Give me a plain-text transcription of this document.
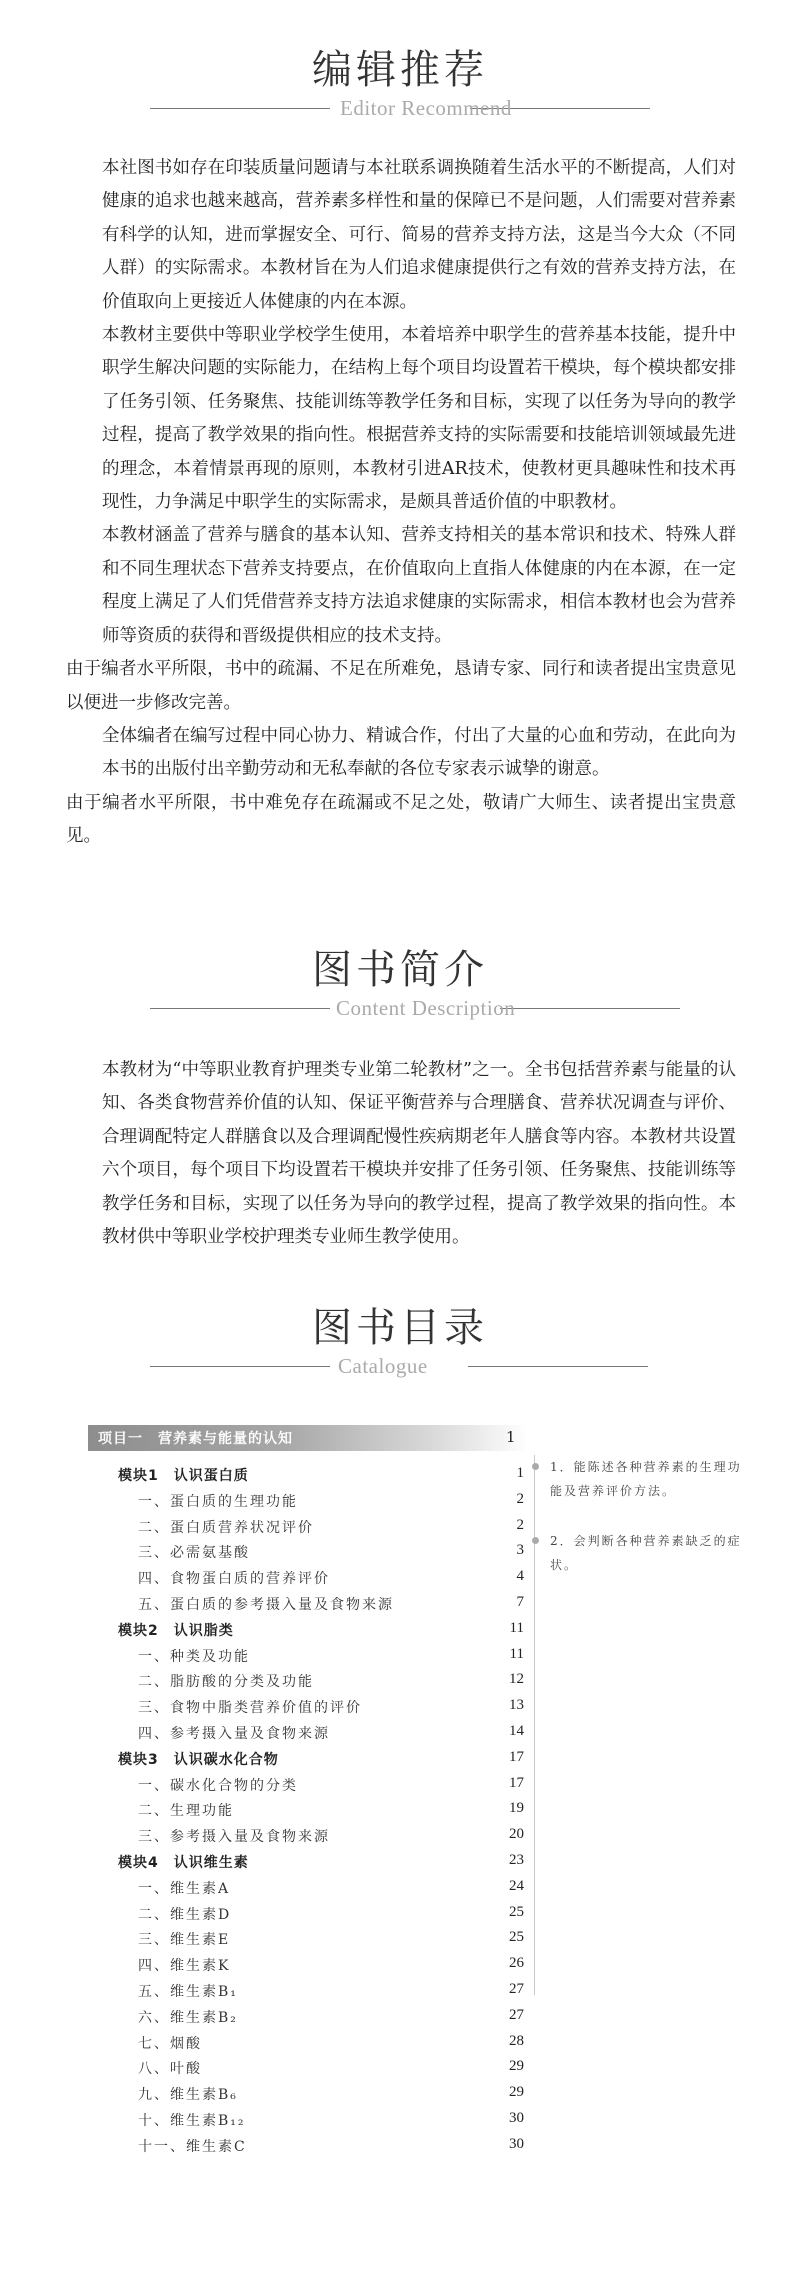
编辑推荐
Editor Recommend
本社图书如存在印装质量问题请与本社联系调换随着生活水平的不断提高，人们对健康的追求也越来越高，营养素多样性和量的保障已不是问题，人们需要对营养素有科学的认知，进而掌握安全、可行、简易的营养支持方法，这是当今大众（不同人群）的实际需求。本教材旨在为人们追求健康提供行之有效的营养支持方法，在价值取向上更接近人体健康的内在本源。
本教材主要供中等职业学校学生使用，本着培养中职学生的营养基本技能，提升中职学生解决问题的实际能力，在结构上每个项目均设置若干模块，每个模块都安排了任务引领、任务聚焦、技能训练等教学任务和目标，实现了以任务为导向的教学过程，提高了教学效果的指向性。根据营养支持的实际需要和技能培训领域最先进的理念，本着情景再现的原则，本教材引进AR技术，使教材更具趣味性和技术再现性，力争满足中职学生的实际需求，是颇具普适价值的中职教材。
本教材涵盖了营养与膳食的基本认知、营养支持相关的基本常识和技术、特殊人群和不同生理状态下营养支持要点，在价值取向上直指人体健康的内在本源，在一定程度上满足了人们凭借营养支持方法追求健康的实际需求，相信本教材也会为营养师等资质的获得和晋级提供相应的技术支持。
由于编者水平所限，书中的疏漏、不足在所难免，恳请专家、同行和读者提出宝贵意见以便进一步修改完善。
全体编者在编写过程中同心协力、精诚合作，付出了大量的心血和劳动，在此向为本书的出版付出辛勤劳动和无私奉献的各位专家表示诚挚的谢意。
由于编者水平所限，书中难免存在疏漏或不足之处，敬请广大师生、读者提出宝贵意见。
图书简介
Content Description
本教材为“中等职业教育护理类专业第二轮教材”之一。全书包括营养素与能量的认知、各类食物营养价值的认知、保证平衡营养与合理膳食、营养状况调查与评价、合理调配特定人群膳食以及合理调配慢性疾病期老年人膳食等内容。本教材共设置六个项目，每个项目下均设置若干模块并安排了任务引领、任务聚焦、技能训练等教学任务和目标，实现了以任务为导向的教学过程，提高了教学效果的指向性。本教材供中等职业学校护理类专业师生教学使用。
图书目录
Catalogue
项目一　营养素与能量的认知	1
模块1　认识蛋白质	1
一、蛋白质的生理功能	2
二、蛋白质营养状况评价	2
三、必需氨基酸	3
四、食物蛋白质的营养评价	4
五、蛋白质的参考摄入量及食物来源	7
模块2　认识脂类	11
一、种类及功能	11
二、脂肪酸的分类及功能	12
三、食物中脂类营养价值的评价	13
四、参考摄入量及食物来源	14
模块3　认识碳水化合物	17
一、碳水化合物的分类	17
二、生理功能	19
三、参考摄入量及食物来源	20
模块4　认识维生素	23
一、维生素A	24
二、维生素D	25
三、维生素E	25
四、维生素K	26
五、维生素B₁	27
六、维生素B₂	27
七、烟酸	28
八、叶酸	29
九、维生素B₆	29
十、维生素B₁₂	30
十一、维生素C	30
1．能陈述各种营养素的生理功能及营养评价方法。
2．会判断各种营养素缺乏的症状。
